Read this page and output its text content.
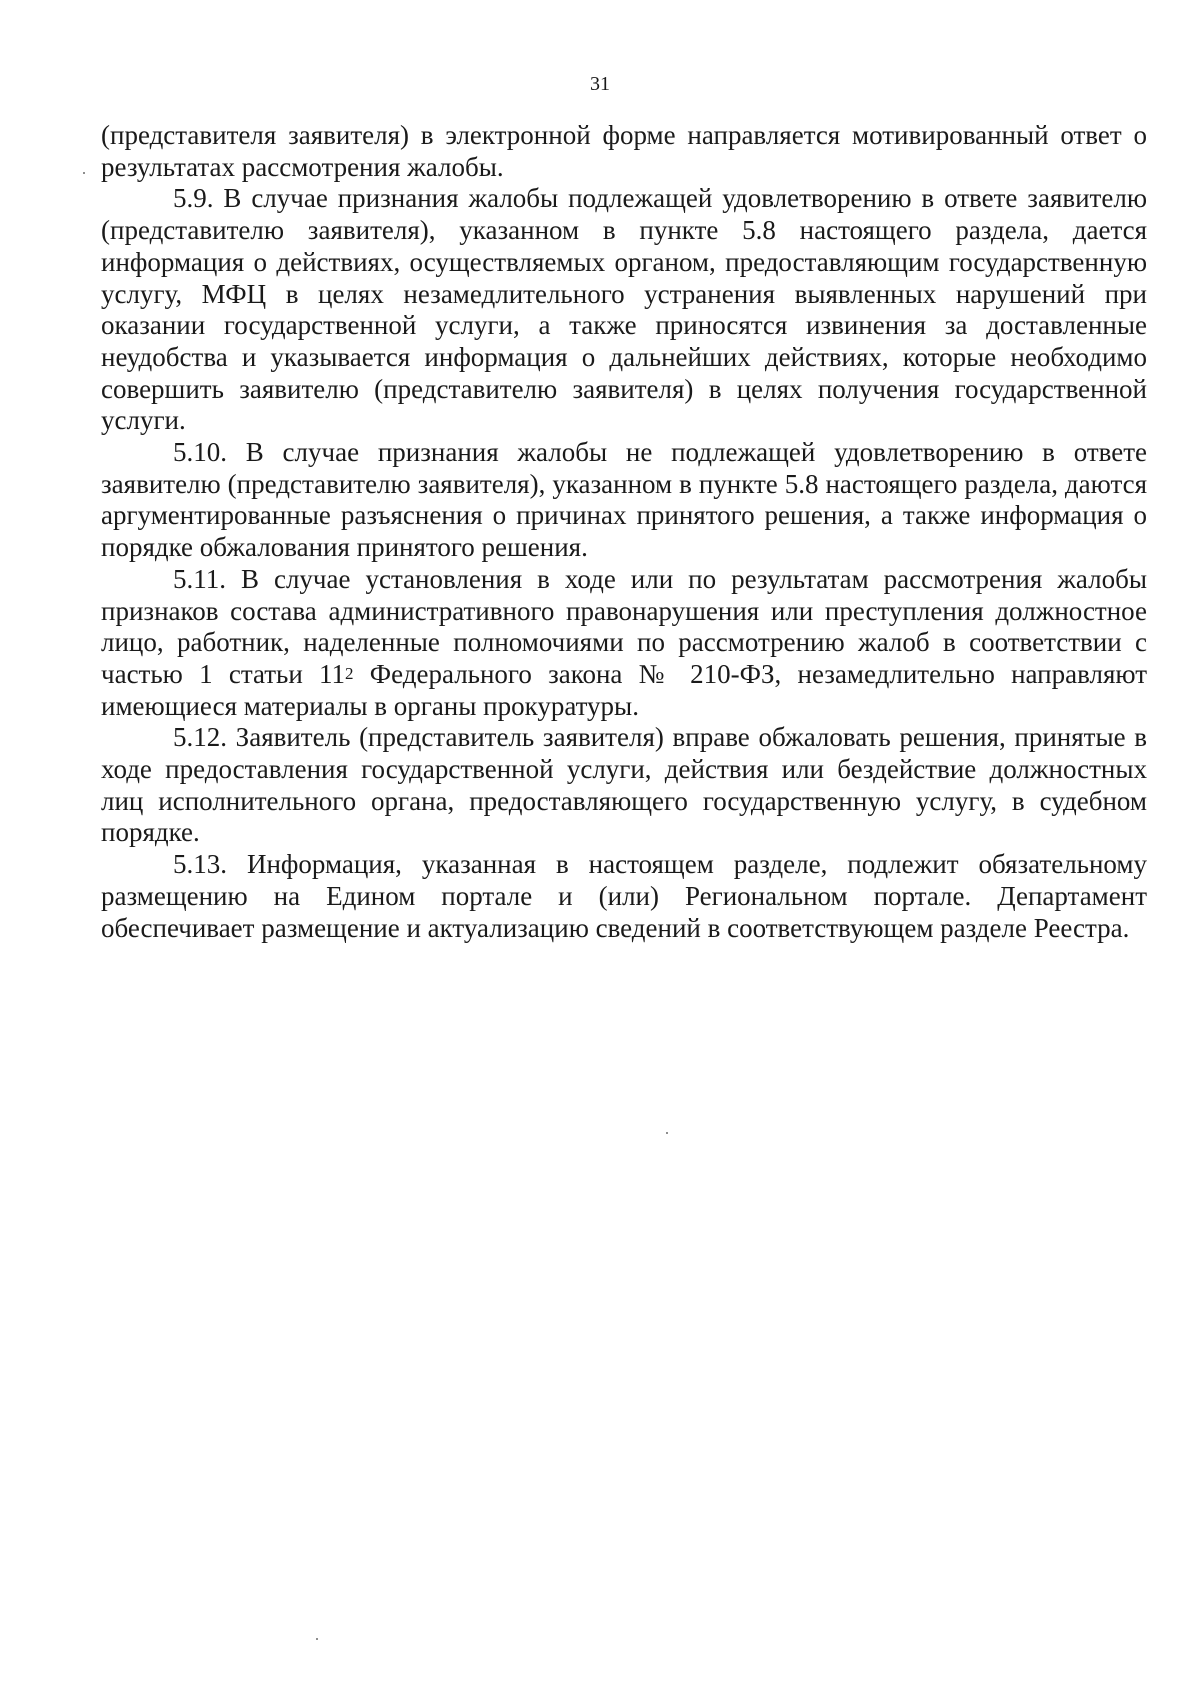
31

(представителя заявителя) в электронной форме направляется мотивированный ответ о результатах рассмотрения жалобы.

5.9. В случае признания жалобы подлежащей удовлетворению в ответе заявителю (представителю заявителя), указанном в пункте 5.8 настоящего раздела, дается информация о действиях, осуществляемых органом, предоставляющим государственную услугу, МФЦ в целях незамедлительного устранения выявленных нарушений при оказании государственной услуги, а также приносятся извинения за доставленные неудобства и указывается информация о дальнейших действиях, которые необходимо совершить заявителю (представителю заявителя) в целях получения государственной услуги.

5.10. В случае признания жалобы не подлежащей удовлетворению в ответе заявителю (представителю заявителя), указанном в пункте 5.8 настоящего раздела, даются аргументированные разъяснения о причинах принятого решения, а также информация о порядке обжалования принятого решения.

5.11. В случае установления в ходе или по результатам рассмотрения жалобы признаков состава административного правонарушения или преступления должностное лицо, работник, наделенные полномочиями по рассмотрению жалоб в соответствии с частью 1 статьи $11^2$ Федерального закона № 210-ФЗ, незамедлительно направляют имеющиеся материалы в органы прокуратуры.

5.12. Заявитель (представитель заявителя) вправе обжаловать решения, принятые в ходе предоставления государственной услуги, действия или бездействие должностных лиц исполнительного органа, предоставляющего государственную услугу, в судебном порядке.

5.13. Информация, указанная в настоящем разделе, подлежит обязательному размещению на Едином портале и (или) Региональном портале. Департамент обеспечивает размещение и актуализацию сведений в соответствующем разделе Реестра.
